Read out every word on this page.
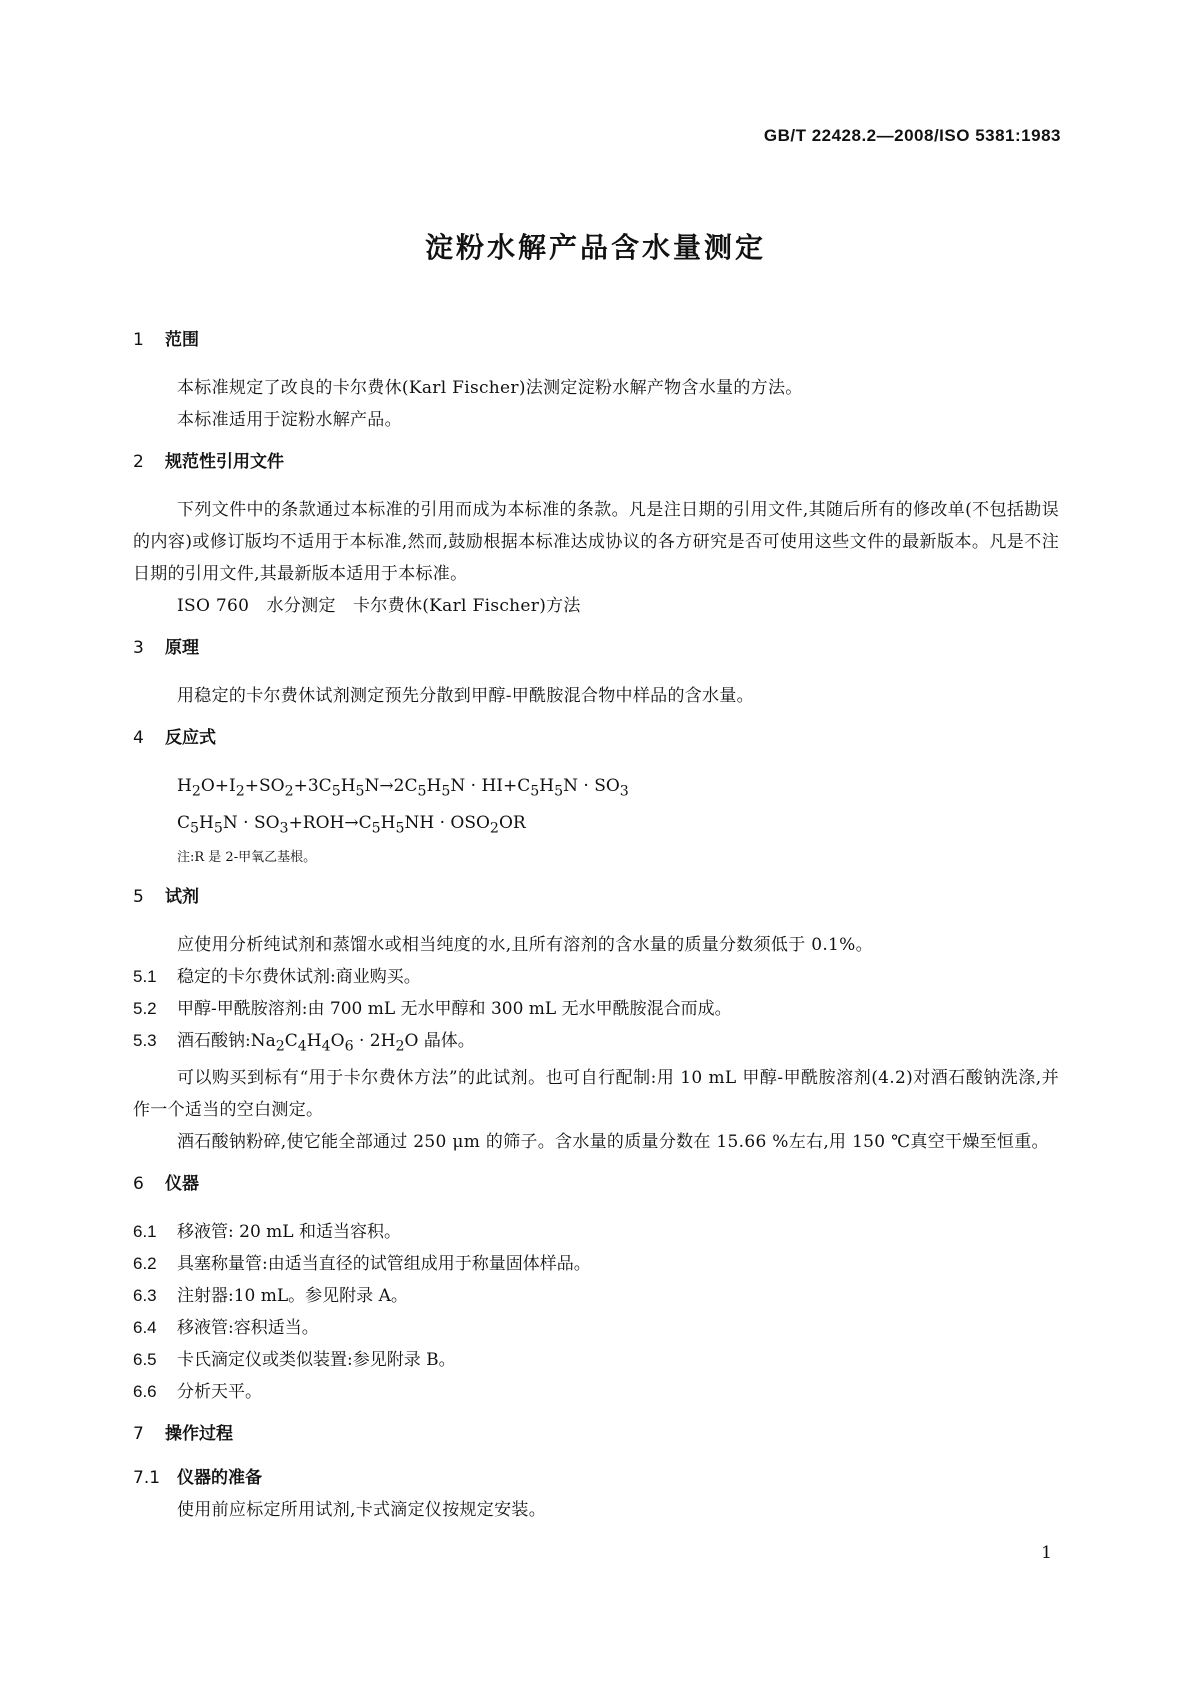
GB/T 22428.2—2008/ISO 5381:1983
淀粉水解产品含水量测定
1 范围

本标准规定了改良的卡尔费休(Karl Fischer)法测定淀粉水解产物含水量的方法。

本标准适用于淀粉水解产品。

2 规范性引用文件

下列文件中的条款通过本标准的引用而成为本标准的条款。凡是注日期的引用文件,其随后所有的修改单(不包括勘误的内容)或修订版均不适用于本标准,然而,鼓励根据本标准达成协议的各方研究是否可使用这些文件的最新版本。凡是不注日期的引用文件,其最新版本适用于本标准。

ISO 760　水分测定　卡尔费休(Karl Fischer)方法

3 原理

用稳定的卡尔费休试剂测定预先分散到甲醇-甲酰胺混合物中样品的含水量。

4 反应式

$H_2O+I_2+SO_2+3C_5H_5N\to 2C_5H_5N \cdot HI+C_5H_5N \cdot SO_3$

$C_5H_5N \cdot SO_3+ROH\to C_5H_5NH \cdot OSO_2OR$

注:R 是 2-甲氧乙基根。

5 试剂

应使用分析纯试剂和蒸馏水或相当纯度的水,且所有溶剂的含水量的质量分数须低于 0.1%。

5.1 稳定的卡尔费休试剂:商业购买。

5.2 甲醇-甲酰胺溶剂:由 700 mL 无水甲醇和 300 mL 无水甲酰胺混合而成。

5.3 酒石酸钠$:Na_2C_4H_4O_6 \cdot 2H_2O$ 晶体。

可以购买到标有“用于卡尔费休方法”的此试剂。也可自行配制:用 10 mL 甲醇-甲酰胺溶剂(4.2)对酒石酸钠洗涤,并作一个适当的空白测定。

酒石酸钠粉碎,使它能全部通过 250 μm 的筛子。含水量的质量分数在 15.66 %左右,用 150 ℃真空干燥至恒重。

6 仪器

6.1 移液管: 20 mL 和适当容积。

6.2 具塞称量管:由适当直径的试管组成用于称量固体样品。

6.3 注射器:10 mL。参见附录 A。

6.4 移液管:容积适当。

6.5 卡氏滴定仪或类似装置:参见附录 B。

6.6 分析天平。

7 操作过程
7.1 仪器的准备

使用前应标定所用试剂,卡式滴定仪按规定安装。

1
